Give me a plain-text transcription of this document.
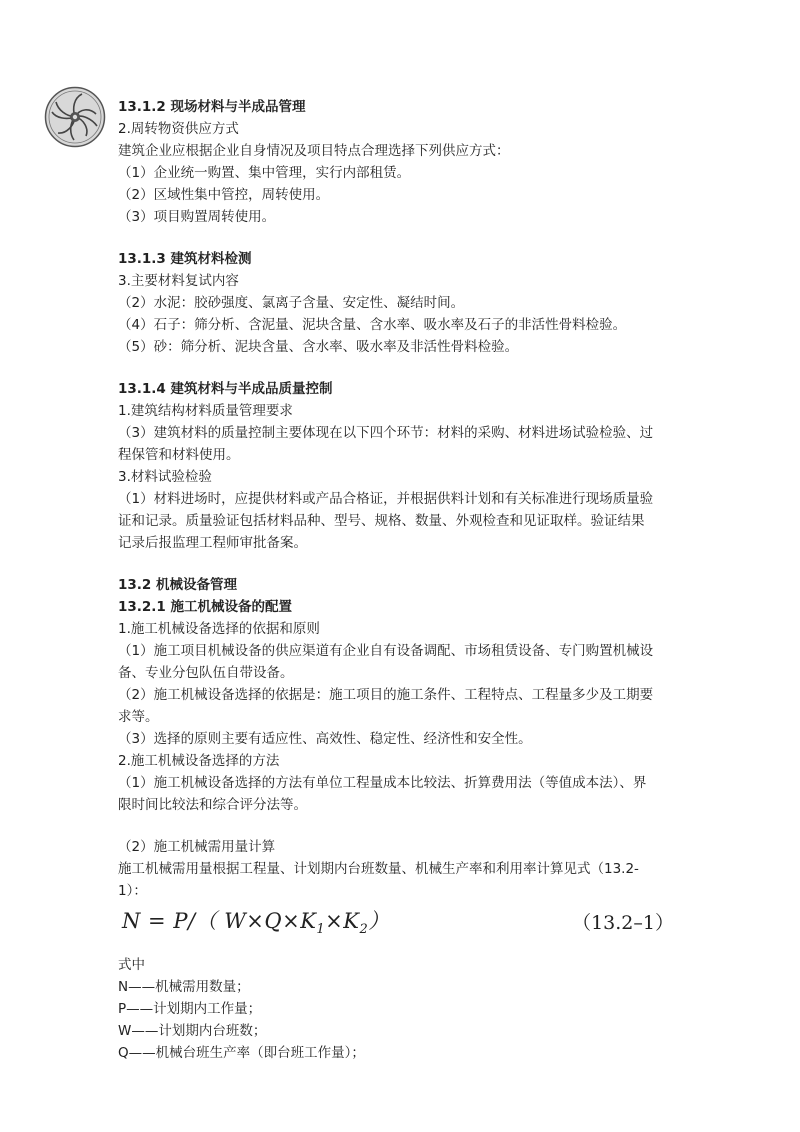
13.1.2 现场材料与半成品管理

2.周转物资供应方式

建筑企业应根据企业自身情况及项目特点合理选择下列供应方式：

（1）企业统一购置、集中管理，实行内部租赁。

（2）区域性集中管控，周转使用。

（3）项目购置周转使用。

13.1.3 建筑材料检测

3.主要材料复试内容

（2）水泥：胶砂强度、氯离子含量、安定性、凝结时间。

（4）石子：筛分析、含泥量、泥块含量、含水率、吸水率及石子的非活性骨料检验。

（5）砂：筛分析、泥块含量、含水率、吸水率及非活性骨料检验。

13.1.4 建筑材料与半成品质量控制

1.建筑结构材料质量管理要求

（3）建筑材料的质量控制主要体现在以下四个环节：材料的采购、材料进场试验检验、过

程保管和材料使用。

3.材料试验检验

（1）材料进场时，应提供材料或产品合格证，并根据供料计划和有关标准进行现场质量验

证和记录。质量验证包括材料品种、型号、规格、数量、外观检查和见证取样。验证结果

记录后报监理工程师审批备案。

13.2 机械设备管理

13.2.1 施工机械设备的配置

1.施工机械设备选择的依据和原则

（1）施工项目机械设备的供应渠道有企业自有设备调配、市场租赁设备、专门购置机械设

备、专业分包队伍自带设备。

（2）施工机械设备选择的依据是：施工项目的施工条件、工程特点、工程量多少及工期要

求等。

（3）选择的原则主要有适应性、高效性、稳定性、经济性和安全性。

2.施工机械设备选择的方法

（1）施工机械设备选择的方法有单位工程量成本比较法、折算费用法（等值成本法）、界

限时间比较法和综合评分法等。

（2）施工机械需用量计算

施工机械需用量根据工程量、计划期内台班数量、机械生产率和利用率计算见式（13.2-

1）：

N = P/（ $W\times Q\times K_1\times K_2$）	（13.2–1）

式中

N——机械需用数量；

P——计划期内工作量；

W——计划期内台班数；

Q——机械台班生产率（即台班工作量）；
